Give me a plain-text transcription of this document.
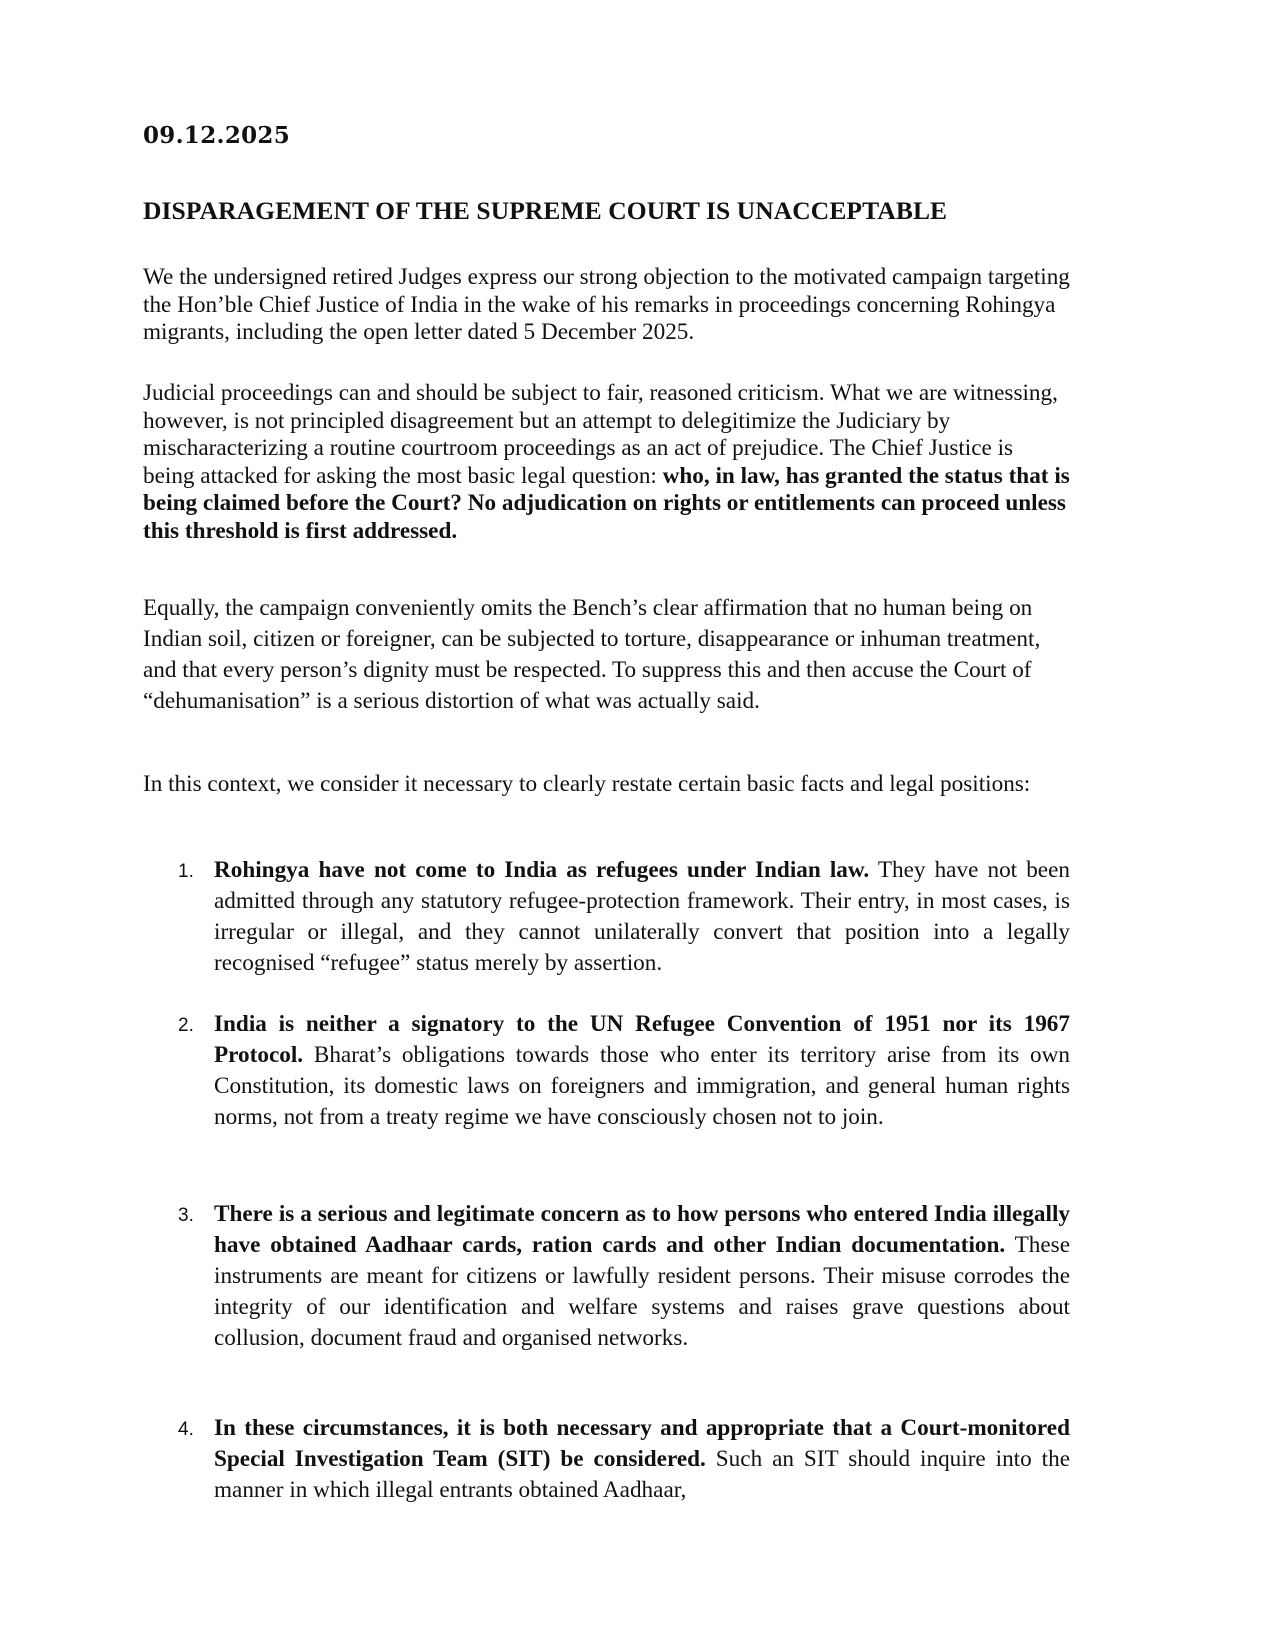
09.12.2025
DISPARAGEMENT OF THE SUPREME COURT IS UNACCEPTABLE

We the undersigned retired Judges express our strong objection to the motivated campaign targeting the Hon’ble Chief Justice of India in the wake of his remarks in proceedings concerning Rohingya migrants, including the open letter dated 5 December 2025.

Judicial proceedings can and should be subject to fair, reasoned criticism. What we are witnessing, however, is not principled disagreement but an attempt to delegitimize the Judiciary by mischaracterizing a routine courtroom proceedings as an act of prejudice. The Chief Justice is being attacked for asking the most basic legal question: who, in law, has granted the status that is being claimed before the Court? No adjudication on rights or entitlements can proceed unless this threshold is first addressed.

Equally, the campaign conveniently omits the Bench’s clear affirmation that no human being on Indian soil, citizen or foreigner, can be subjected to torture, disappearance or inhuman treatment, and that every person’s dignity must be respected. To suppress this and then accuse the Court of “dehumanisation” is a serious distortion of what was actually said.

In this context, we consider it necessary to clearly restate certain basic facts and legal positions:

1. Rohingya have not come to India as refugees under Indian law. They have not been admitted through any statutory refugee-protection framework. Their entry, in most cases, is irregular or illegal, and they cannot unilaterally convert that position into a legally recognised “refugee” status merely by assertion.
2. India is neither a signatory to the UN Refugee Convention of 1951 nor its 1967 Protocol. Bharat’s obligations towards those who enter its territory arise from its own Constitution, its domestic laws on foreigners and immigration, and general human rights norms, not from a treaty regime we have consciously chosen not to join.
3. There is a serious and legitimate concern as to how persons who entered India illegally have obtained Aadhaar cards, ration cards and other Indian documentation. These instruments are meant for citizens or lawfully resident persons. Their misuse corrodes the integrity of our identification and welfare systems and raises grave questions about collusion, document fraud and organised networks.
4. In these circumstances, it is both necessary and appropriate that a Court-monitored Special Investigation Team (SIT) be considered. Such an SIT should inquire into the manner in which illegal entrants obtained Aadhaar,
